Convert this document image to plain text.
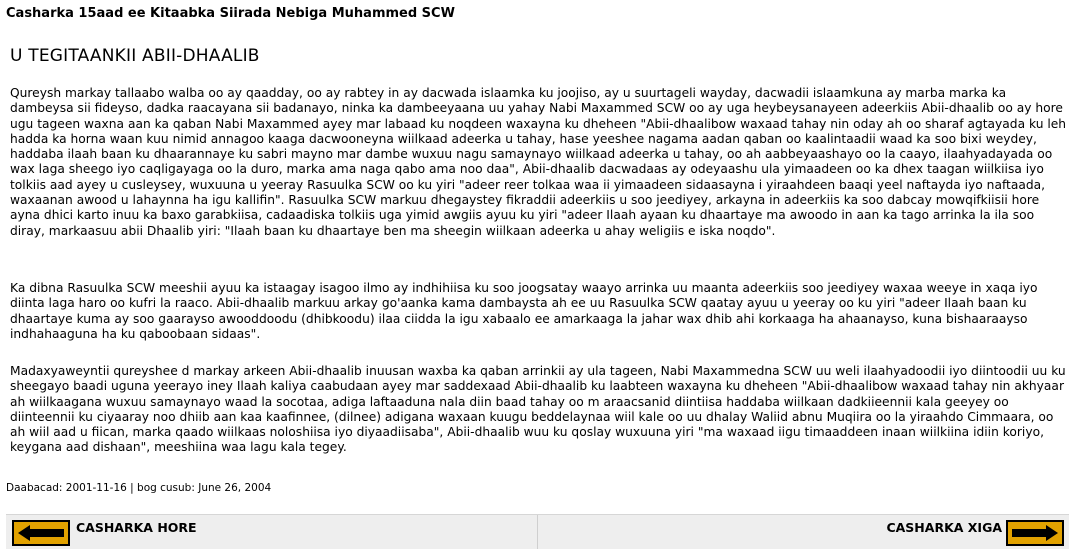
Casharka 15aad ee Kitaabka Siirada Nebiga Muhammed SCW
U TEGITAANKII ABII-DHAALIB
Qureysh markay tallaabo walba oo ay qaadday, oo ay rabtey in ay dacwada islaamka ku joojiso, ay u suurtageli wayday, dacwadii islaamkuna ay marba marka ka dambeysa sii fideyso, dadka raacayana sii badanayo, ninka ka dambeeyaana uu yahay Nabi Maxammed SCW oo ay uga heybeysanayeen adeerkiis Abii-dhaalib oo ay hore ugu tageen waxna aan ka qaban Nabi Maxammed ayey mar labaad ku noqdeen waxayna ku dheheen "Abii-dhaalibow waxaad tahay nin oday ah oo sharaf agtayada ku leh haddа ka horna waan kuu nimid annagoo kaaga dacwooneyna wiilkaad adeerka u tahay, hase yeeshee nagama aadan qaban oo kaalintaadii waad ka soo bixi weydey, haddaba ilaah baan ku dhaarannaye ku sabri mayno mar dambe wuxuu nagu samaynayo wiilkaad adeerka u tahay, oo ah aabbeyaashayo oo la caayo, ilaahyadayada oo wax laga sheego iyo caqligayaga oo la duro, marka ama naga qabo ama noo daa", Abii-dhaalib dacwadaas ay odeyaashu ula yimaadeen oo ka dhex taagan wiilkiisa iyo tolkiis aad ayey u cusleysey, wuxuuna u yeeray Rasuulka SCW oo ku yiri "adeer reer tolkaa waa ii yimaadeen sidaasayna i yiraahdeen baaqi yeel naftayda iyo naftaada, waxaanan awood u lahaynna ha igu kallifin". Rasuulka SCW markuu dhegaystey fikraddii adeerkiis u soo jeediyey, arkayna in adeerkiis ka soo dabcay mowqifkiisii hore ayna dhici karto inuu ka baxo garabkiisa, cadaadiska tolkiis uga yimid awgiis ayuu ku yiri "adeer Ilaah ayaan ku dhaartaye ma awoodo in aan ka tago arrinka la ila soo diray, markaasuu abii Dhaalib yiri: "Ilaah baan ku dhaartaye ben ma sheegin wiilkaan adeerka u ahay weligiis e iska noqdo".
Ka dibna Rasuulka SCW meeshii ayuu ka istaagay isagoo ilmo ay indhihiisa ku soo joogsatay waayo arrinka uu maanta adeerkiis soo jeediyey waxaa weeye in xaqa iyo diinta laga haro oo kufri la raaco. Abii-dhaalib markuu arkay go'aanka kama dambaysta ah ee uu Rasuulka SCW qaatay ayuu u yeeray oo ku yiri "adeer Ilaah baan ku dhaartaye kuma ay soo gaarayso awooddoodu (dhibkoodu) ilaa ciidda la igu xabaalo ee amarkaaga la jahar wax dhib ahi korkaaga ha ahaanayso, kuna bishaaraayso indhahaaguna ha ku qaboobaan sidaas".
Madaxyaweyntii qureyshee d markay arkeen Abii-dhaalib inuusan waxba ka qaban arrinkii ay ula tageen, Nabi Maxammedna SCW uu weli ilaahyadoodii iyo diintoodii uu ku sheegayo baadi uguna yeerayo iney Ilaah kaliya caabudaan ayey mar saddexaad Abii-dhaalib ku laabteen waxayna ku dheheen "Abii-dhaalibow waxaad tahay nin akhyaar ah wiilkaagana wuxuu samaynayo waad la socotaa, adiga laftaaduna nala diin baad tahay oo m araacsanid diintiisa haddaba wiilkaan dadkiieennii kala geeyey oo diinteennii ku ciyaaray noo dhiib aan kaa kaafinnee, (dilnee) adigana waxaan kuugu beddelaynaa wiil kale oo uu dhalay Waliid abnu Muqiira oo la yiraahdo Cimmaara, oo ah wiil aad u fiican, marka qaado wiilkaas noloshiisa iyo diyaadiisaba", Abii-dhaalib wuu ku qoslay wuxuuna yiri "ma waxaad iigu timaaddeen inaan wiilkiina idiin koriyo, keygana aad dishaan", meeshiina waa lagu kala tegey.
Daabacad: 2001-11-16 | bog cusub: June 26, 2004
CASHARKA HORE	CASHARKA XIGA
